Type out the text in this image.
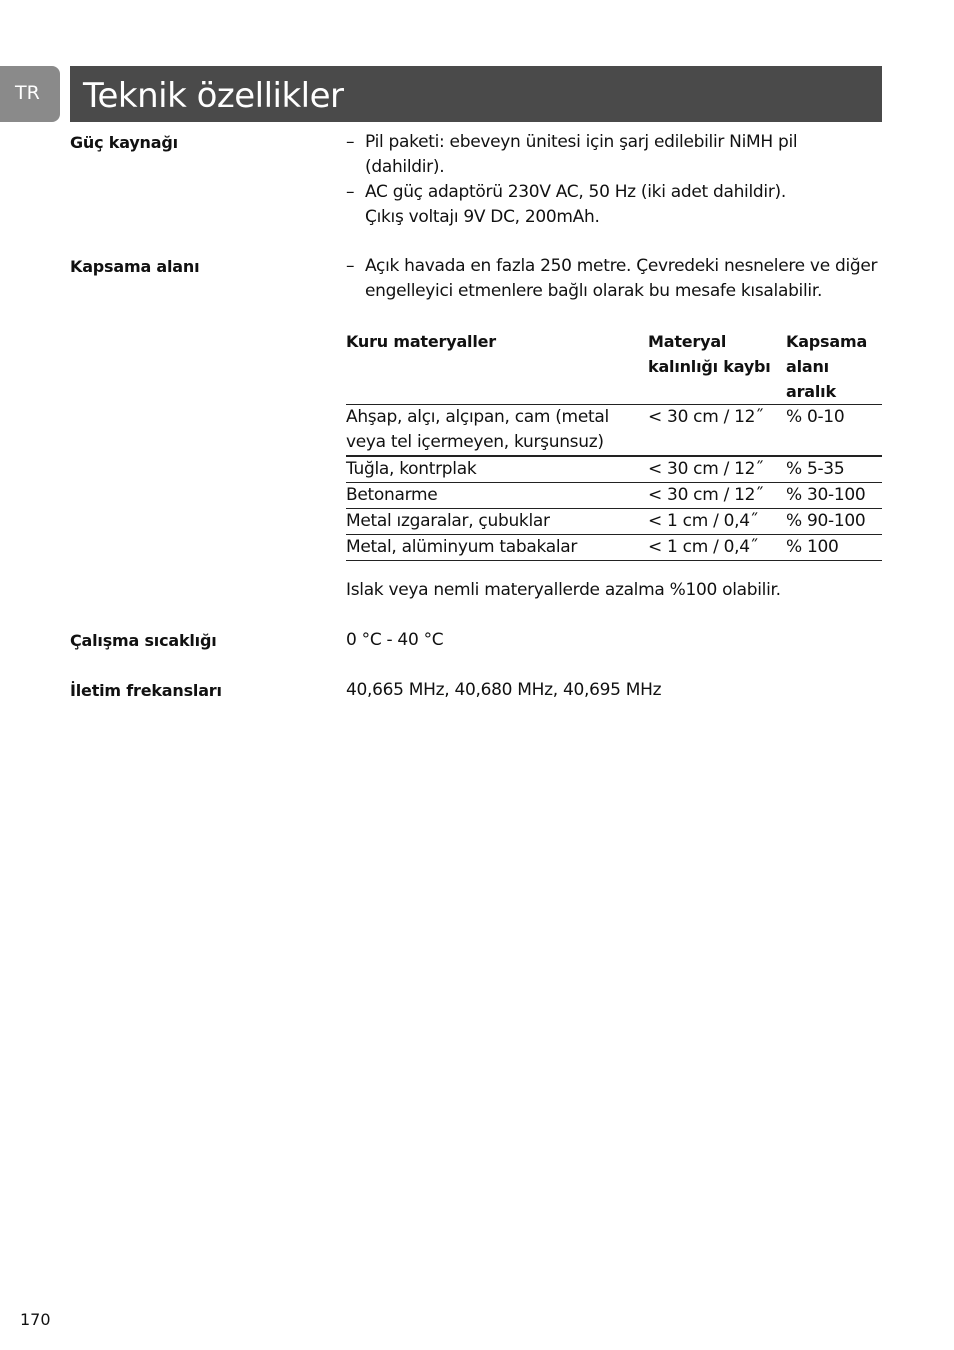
TR	Teknik özellikler
Güç kaynağı	– Pil paketi: ebeveyn ünitesi için şarj edilebilir NiMH pil
(dahildir).
– AC güç adaptörü 230V AC, 50 Hz (iki adet dahildir).
Çıkış voltajı 9V DC, 200mAh.
Kapsama alanı	– Açık havada en fazla 250 metre. Çevredeki nesnelere ve diğer
engelleyici etmenlere bağlı olarak bu mesafe kısalabilir.
Kuru materyaller	Materyal kalınlığı kaybı	Kapsama alanı aralık
Ahşap, alçı, alçıpan, cam (metal veya tel içermeyen, kurşunsuz)	< 30 cm / 12˝	% 0-10
Tuğla, kontrplak	< 30 cm / 12˝	% 5-35
Betonarme	< 30 cm / 12˝	% 30-100
Metal ızgaralar, çubuklar	< 1 cm / 0,4˝	% 90-100
Metal, alüminyum tabakalar	< 1 cm / 0,4˝	% 100
Islak veya nemli materyallerde azalma %100 olabilir.
Çalışma sıcaklığı	0 °C - 40 °C
İletim frekansları	40,665 MHz, 40,680 MHz, 40,695 MHz
170
